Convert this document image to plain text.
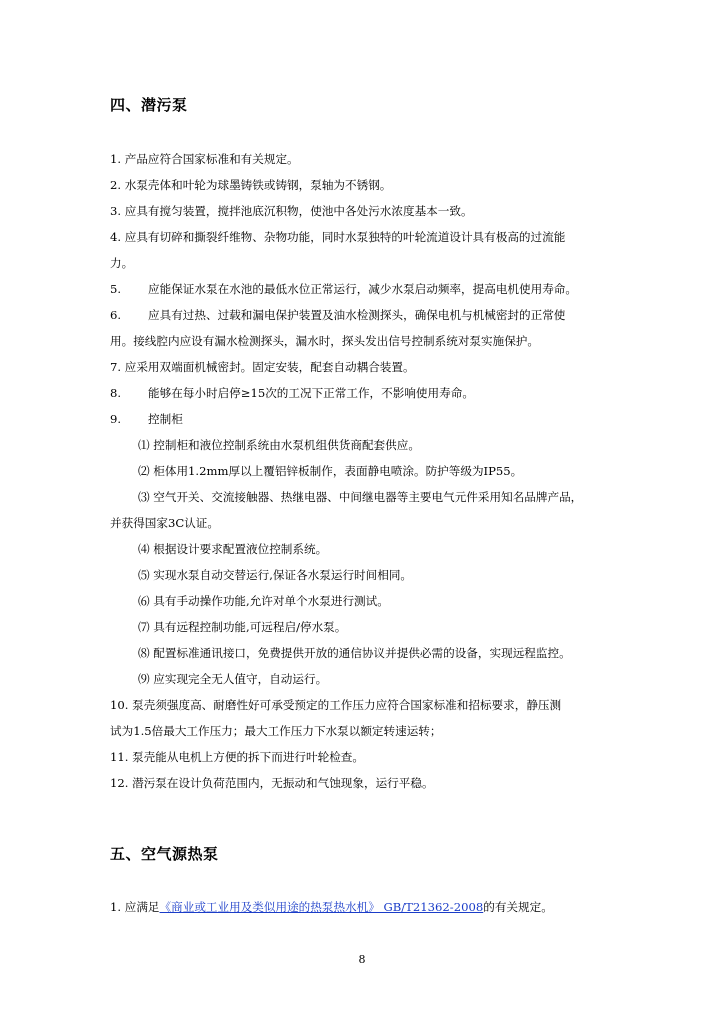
四、潜污泵
1. 产品应符合国家标准和有关规定。
2. 水泵壳体和叶轮为球墨铸铁或铸钢，泵轴为不锈钢。
3. 应具有搅匀装置，搅拌池底沉积物，使池中各处污水浓度基本一致。
4. 应具有切碎和撕裂纤维物、杂物功能，同时水泵独特的叶轮流道设计具有极高的过流能
力。
5. 应能保证水泵在水池的最低水位正常运行，减少水泵启动频率，提高电机使用寿命。
6. 应具有过热、过载和漏电保护装置及油水检测探头，确保电机与机械密封的正常使
用。接线腔内应设有漏水检测探头，漏水时，探头发出信号控制系统对泵实施保护。
7. 应采用双端面机械密封。固定安装，配套自动耦合装置。
8. 能够在每小时启停≥15次的工况下正常工作，不影响使用寿命。
9. 控制柜
⑴ 控制柜和液位控制系统由水泵机组供货商配套供应。
⑵ 柜体用1.2mm厚以上覆铝锌板制作，表面静电喷涂。防护等级为IP55。
⑶ 空气开关、交流接触器、热继电器、中间继电器等主要电气元件采用知名品牌产品，
并获得国家3C认证。
⑷ 根据设计要求配置液位控制系统。
⑸ 实现水泵自动交替运行,保证各水泵运行时间相同。
⑹ 具有手动操作功能,允许对单个水泵进行测试。
⑺ 具有远程控制功能,可远程启/停水泵。
⑻ 配置标准通讯接口，免费提供开放的通信协议并提供必需的设备，实现远程监控。
⑼ 应实现完全无人值守，自动运行。
10. 泵壳须强度高、耐磨性好可承受预定的工作压力应符合国家标准和招标要求，静压测
试为1.5倍最大工作压力；最大工作压力下水泵以额定转速运转；
11. 泵壳能从电机上方便的拆下而进行叶轮检查。
12. 潜污泵在设计负荷范围内，无振动和气蚀现象，运行平稳。
五、空气源热泵
1. 应满足《商业或工业用及类似用途的热泵热水机》 GB/T21362-2008的有关规定。
8
